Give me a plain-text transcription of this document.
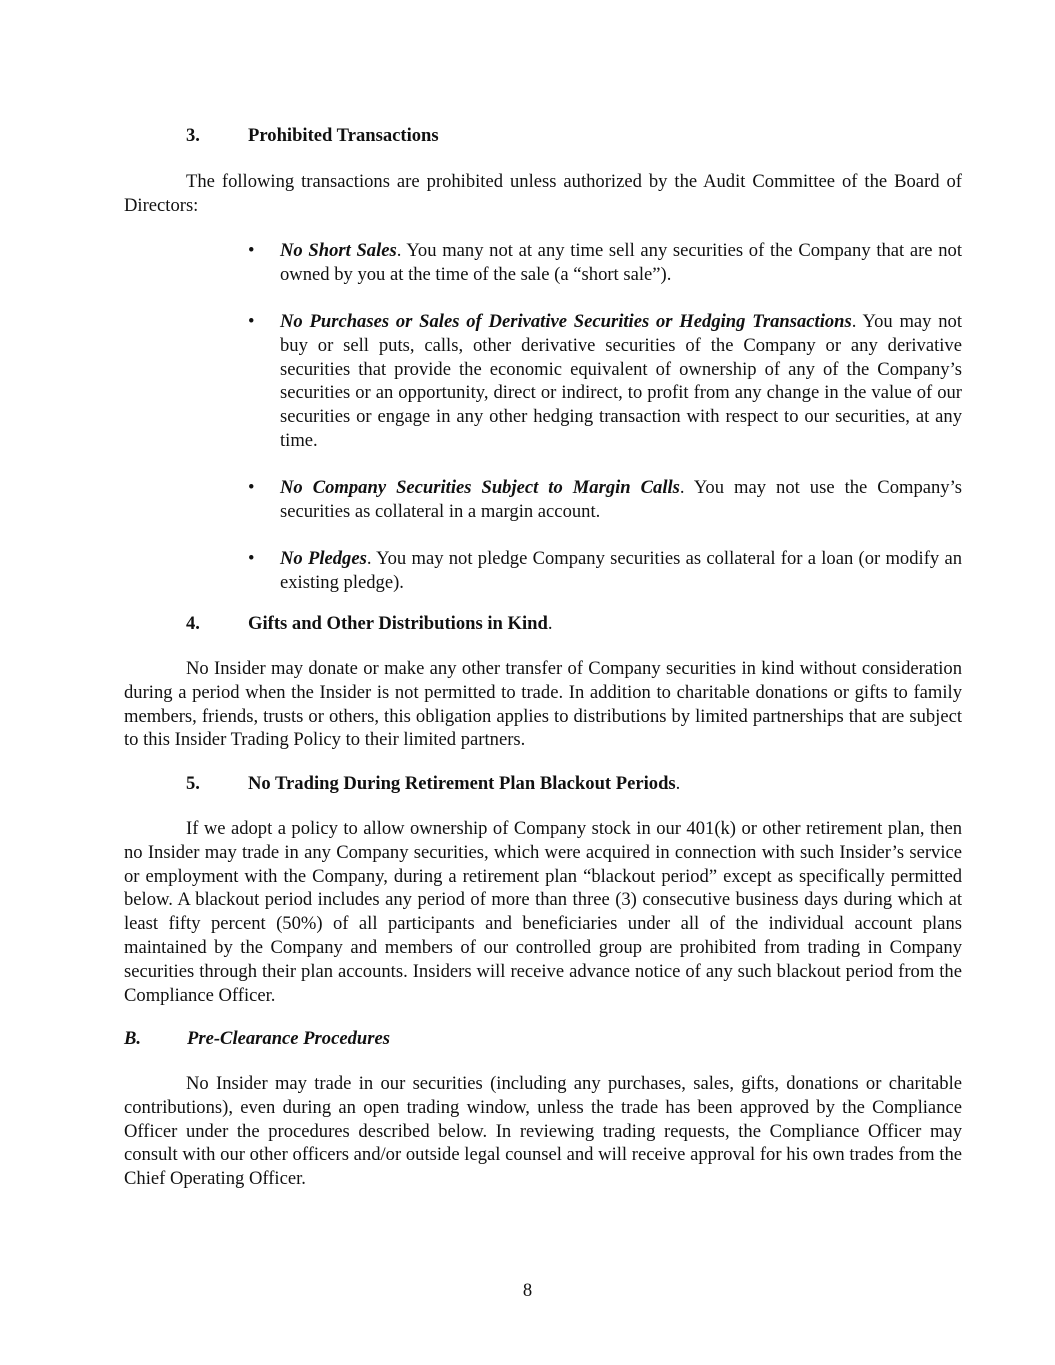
3.	Prohibited Transactions

The following transactions are prohibited unless authorized by the Audit Committee of the Board of Directors:

• No Short Sales. You many not at any time sell any securities of the Company that are not owned by you at the time of the sale (a “short sale”).
• No Purchases or Sales of Derivative Securities or Hedging Transactions. You may not buy or sell puts, calls, other derivative securities of the Company or any derivative securities that provide the economic equivalent of ownership of any of the Company’s securities or an opportunity, direct or indirect, to profit from any change in the value of our securities or engage in any other hedging transaction with respect to our securities, at any time.
• No Company Securities Subject to Margin Calls. You may not use the Company’s securities as collateral in a margin account.
• No Pledges. You may not pledge Company securities as collateral for a loan (or modify an existing pledge).
4.	Gifts and Other Distributions in Kind.

No Insider may donate or make any other transfer of Company securities in kind without consideration during a period when the Insider is not permitted to trade. In addition to charitable donations or gifts to family members, friends, trusts or others, this obligation applies to distributions by limited partnerships that are subject to this Insider Trading Policy to their limited partners.

5.	No Trading During Retirement Plan Blackout Periods.

If we adopt a policy to allow ownership of Company stock in our 401(k) or other retirement plan, then no Insider may trade in any Company securities, which were acquired in connection with such Insider’s service or employment with the Company, during a retirement plan “blackout period” except as specifically permitted below. A blackout period includes any period of more than three (3) consecutive business days during which at least fifty percent (50%) of all participants and beneficiaries under all of the individual account plans maintained by the Company and members of our controlled group are prohibited from trading in Company securities through their plan accounts. Insiders will receive advance notice of any such blackout period from the Compliance Officer.

B. Pre-Clearance Procedures

No Insider may trade in our securities (including any purchases, sales, gifts, donations or charitable contributions), even during an open trading window, unless the trade has been approved by the Compliance Officer under the procedures described below. In reviewing trading requests, the Compliance Officer may consult with our other officers and/or outside legal counsel and will receive approval for his own trades from the Chief Operating Officer.

8
